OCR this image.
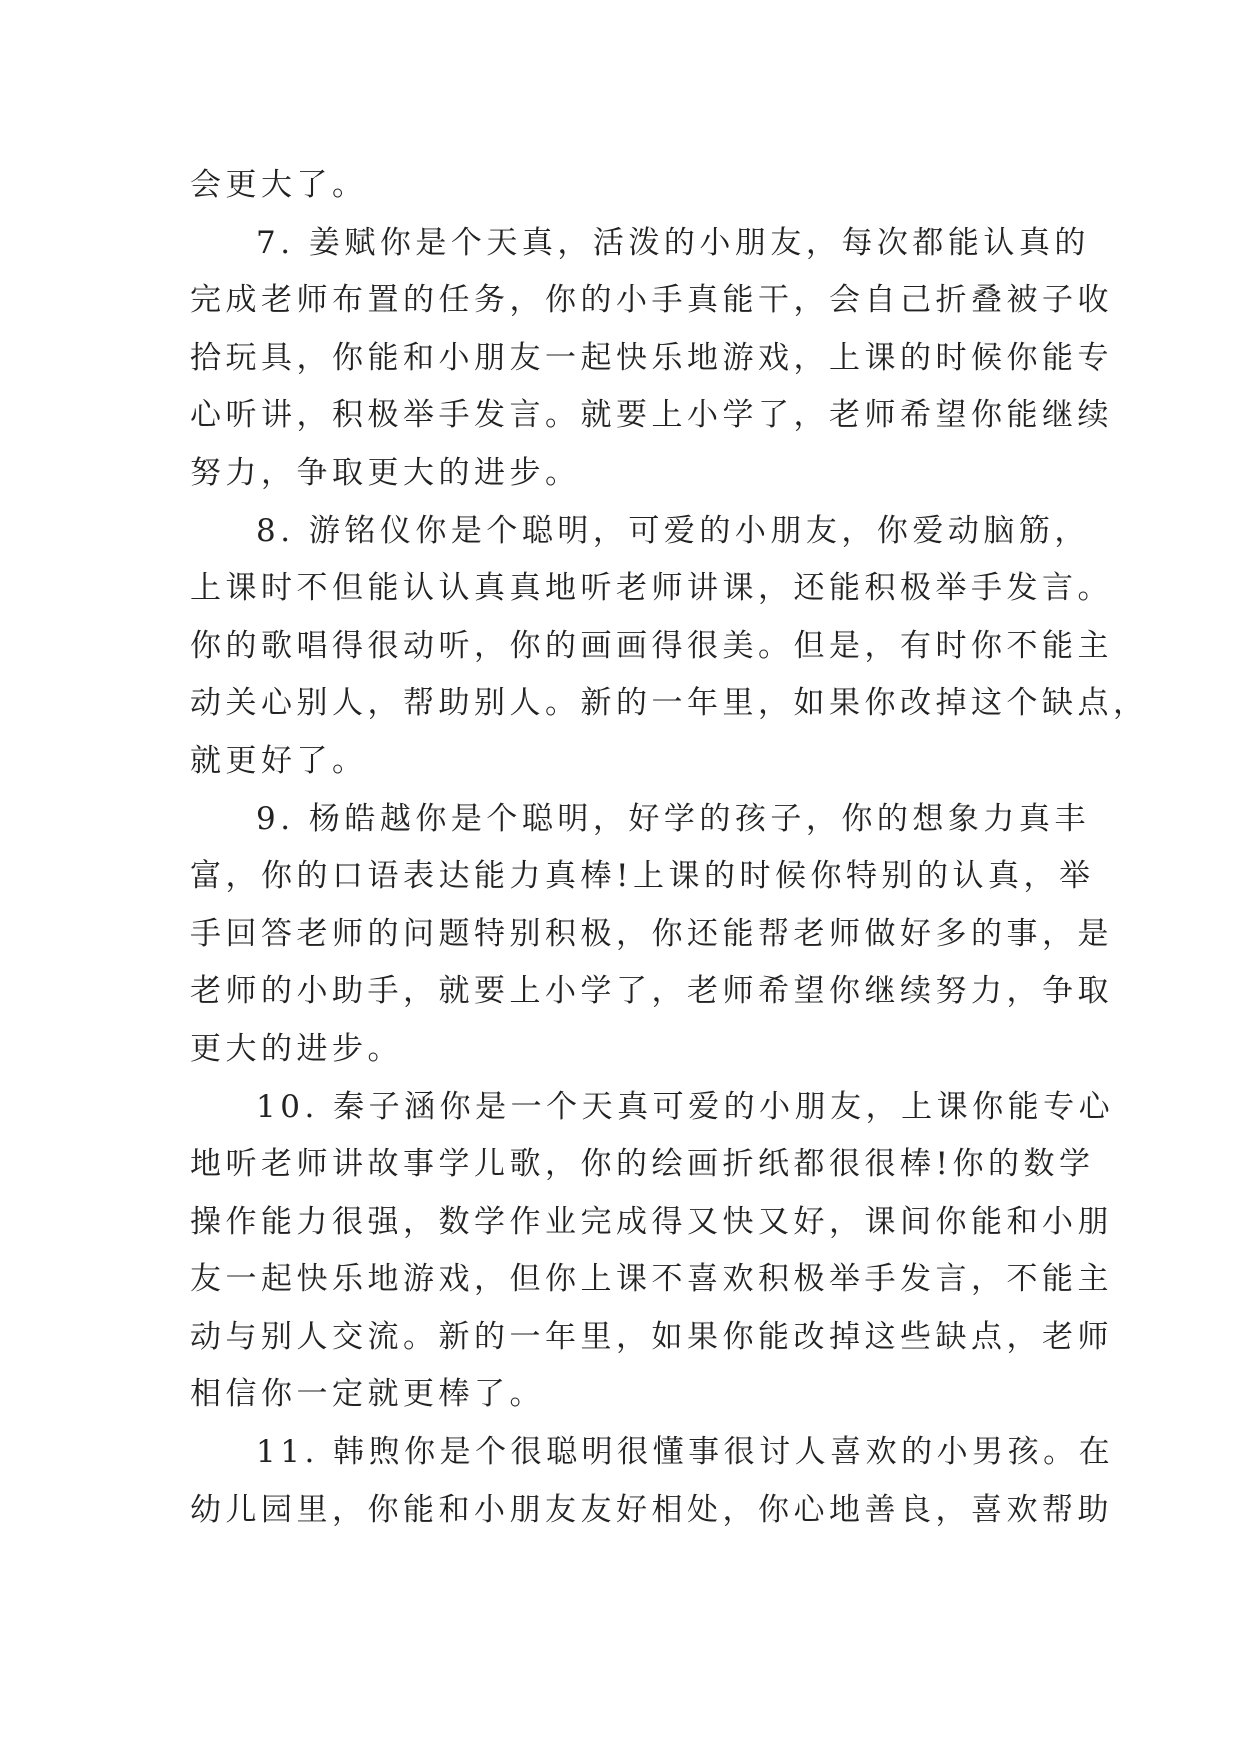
会更大了。
7. 姜赋你是个天真，活泼的小朋友，每次都能认真的
完成老师布置的任务，你的小手真能干，会自己折叠被子收
拾玩具，你能和小朋友一起快乐地游戏，上课的时候你能专
心听讲，积极举手发言。就要上小学了，老师希望你能继续
努力，争取更大的进步。
8. 游铭仪你是个聪明，可爱的小朋友，你爱动脑筋，
上课时不但能认认真真地听老师讲课，还能积极举手发言。
你的歌唱得很动听，你的画画得很美。但是，有时你不能主
动关心别人，帮助别人。新的一年里，如果你改掉这个缺点，
就更好了。
9. 杨皓越你是个聪明，好学的孩子，你的想象力真丰
富，你的口语表达能力真棒!上课的时候你特别的认真，举
手回答老师的问题特别积极，你还能帮老师做好多的事，是
老师的小助手，就要上小学了，老师希望你继续努力，争取
更大的进步。
10. 秦子涵你是一个天真可爱的小朋友，上课你能专心
地听老师讲故事学儿歌，你的绘画折纸都很很棒!你的数学
操作能力很强，数学作业完成得又快又好，课间你能和小朋
友一起快乐地游戏，但你上课不喜欢积极举手发言，不能主
动与别人交流。新的一年里，如果你能改掉这些缺点，老师
相信你一定就更棒了。
11. 韩煦你是个很聪明很懂事很讨人喜欢的小男孩。在
幼儿园里，你能和小朋友友好相处，你心地善良，喜欢帮助
